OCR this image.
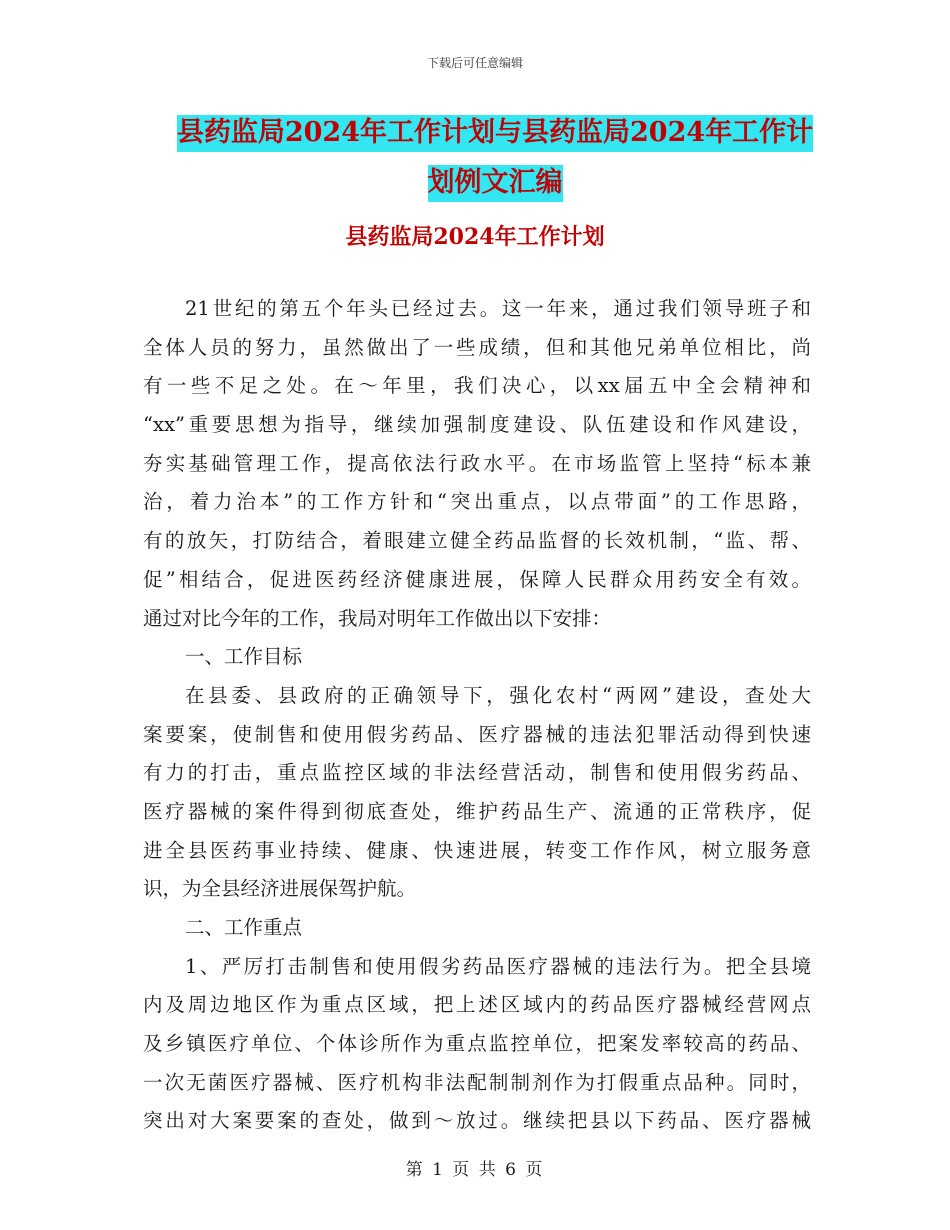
下载后可任意编辑
县药监局2024年工作计划与县药监局2024年工作计
划例文汇编
县药监局2024年工作计划
21世纪的第五个年头已经过去。这一年来，通过我们领导班子和
全体人员的努力，虽然做出了一些成绩，但和其他兄弟单位相比，尚
有一些不足之处。在～年里，我们决心，以xx届五中全会精神和
“xx”重要思想为指导，继续加强制度建设、队伍建设和作风建设，
夯实基础管理工作，提高依法行政水平。在市场监管上坚持“标本兼
治，着力治本”的工作方针和“突出重点，以点带面”的工作思路，
有的放矢，打防结合，着眼建立健全药品监督的长效机制，“监、帮、
促”相结合，促进医药经济健康进展，保障人民群众用药安全有效。
通过对比今年的工作，我局对明年工作做出以下安排：
一、工作目标
在县委、县政府的正确领导下，强化农村“两网”建设，查处大
案要案，使制售和使用假劣药品、医疗器械的违法犯罪活动得到快速
有力的打击，重点监控区域的非法经营活动，制售和使用假劣药品、
医疗器械的案件得到彻底查处，维护药品生产、流通的正常秩序，促
进全县医药事业持续、健康、快速进展，转变工作作风，树立服务意
识，为全县经济进展保驾护航。
二、工作重点
1、严厉打击制售和使用假劣药品医疗器械的违法行为。把全县境
内及周边地区作为重点区域，把上述区域内的药品医疗器械经营网点
及乡镇医疗单位、个体诊所作为重点监控单位，把案发率较高的药品、
一次无菌医疗器械、医疗机构非法配制制剂作为打假重点品种。同时，
突出对大案要案的查处，做到～放过。继续把县以下药品、医疗器械
第 1 页 共 6 页
